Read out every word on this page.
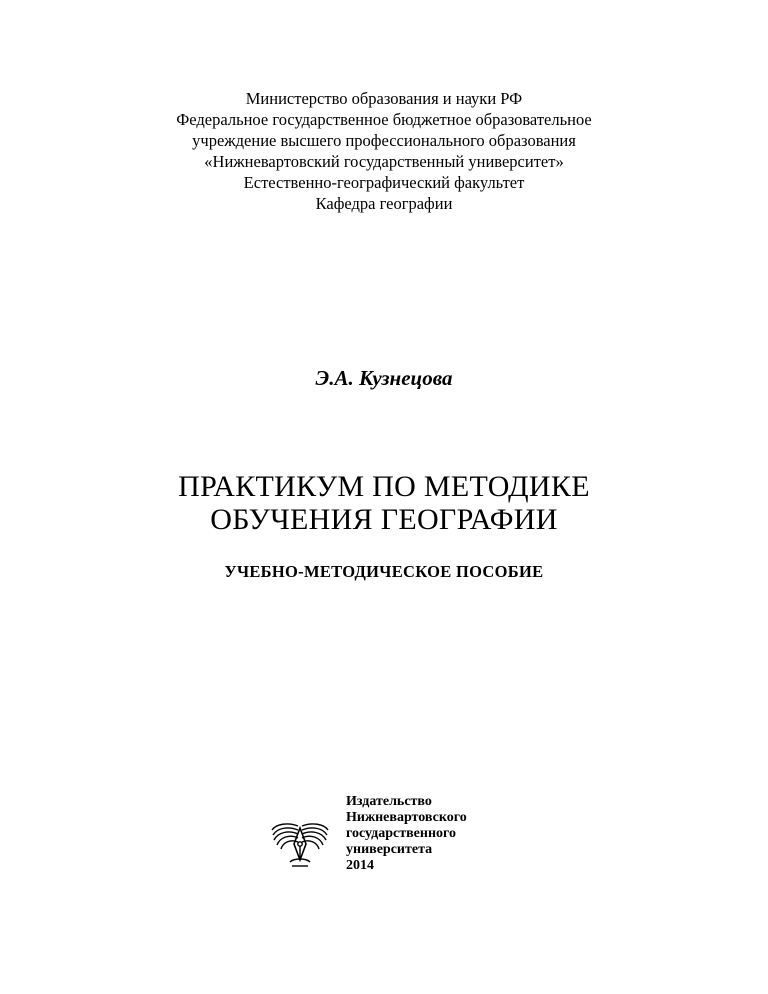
Министерство образования и науки РФ
Федеральное государственное бюджетное образовательное
учреждение высшего профессионального образования
«Нижневартовский государственный университет»
Естественно-географический факультет
Кафедра географии
Э.А. Кузнецова
ПРАКТИКУМ ПО МЕТОДИКЕ
ОБУЧЕНИЯ ГЕОГРАФИИ
УЧЕБНО-МЕТОДИЧЕСКОЕ ПОСОБИЕ
Издательство
Нижневартовского
государственного
университета
2014
